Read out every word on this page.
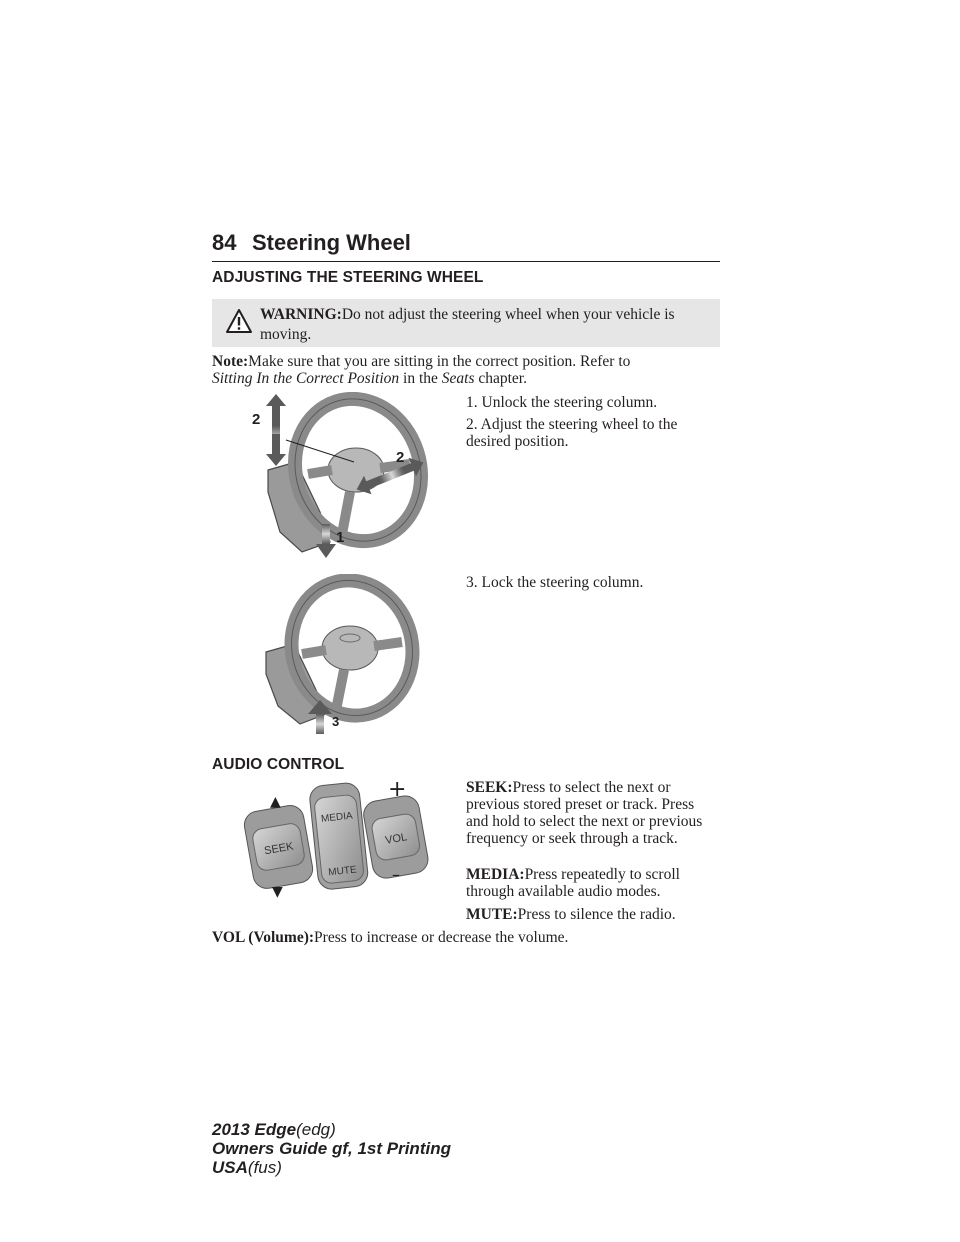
84 Steering Wheel
ADJUSTING THE STEERING WHEEL
WARNING:Do not adjust the steering wheel when your vehicle is moving.
Note:Make sure that you are sitting in the correct position. Refer to
Sitting In the Correct Position in the Seats chapter.
1. Unlock the steering column.
2. Adjust the steering wheel to the desired position.
3. Lock the steering column.
2
2
1
3
AUDIO CONTROL
SEEK
MEDIA
MUTE
VOL
▲
▼
+
–
SEEK:Press to select the next or previous stored preset or track. Press and hold to select the next or previous frequency or seek through a track.
MEDIA:Press repeatedly to scroll through available audio modes.
MUTE:Press to silence the radio.
VOL (Volume):Press to increase or decrease the volume.
2013 Edge(edg)
Owners Guide gf, 1st Printing
USA(fus)
